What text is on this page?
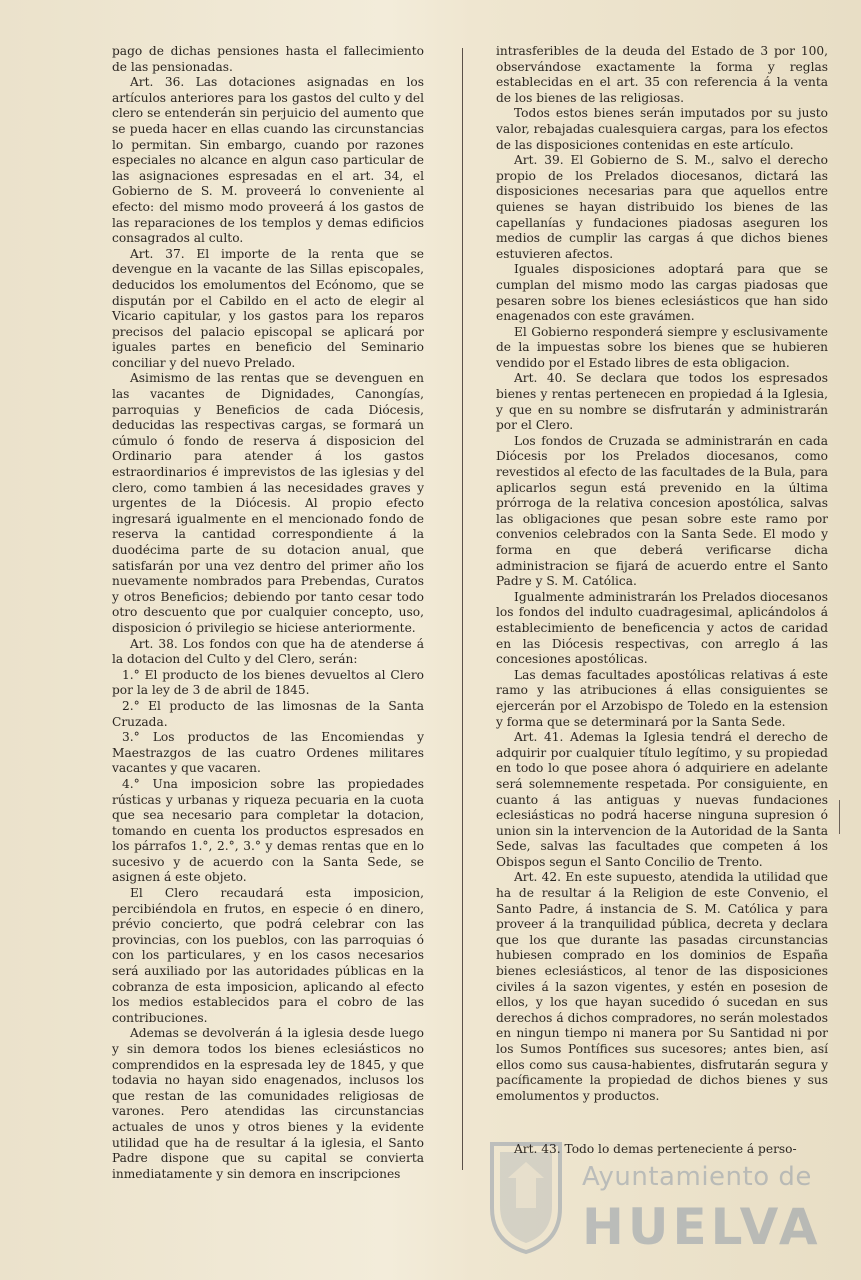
pago de dichas pensiones hasta el fallecimiento de las pensionadas.

Art. 36. Las dotaciones asignadas en los artículos anteriores para los gastos del culto y del clero se entenderán sin perjuicio del aumento que se pueda hacer en ellas cuando las circunstancias lo permitan. Sin embargo, cuando por razones especiales no alcance en algun caso particular de las asignaciones espresadas en el art. 34, el Gobierno de S. M. proveerá lo conveniente al efecto: del mismo modo proveerá á los gastos de las reparaciones de los templos y demas edificios consagrados al culto.

Art. 37. El importe de la renta que se devengue en la vacante de las Sillas episcopales, deducidos los emolumentos del Ecónomo, que se dispután por el Cabildo en el acto de elegir al Vicario capitular, y los gastos para los reparos precisos del palacio episcopal se aplicará por iguales partes en beneficio del Seminario conciliar y del nuevo Prelado.

Asimismo de las rentas que se devenguen en las vacantes de Dignidades, Canongías, parroquias y Beneficios de cada Diócesis, deducidas las respectivas cargas, se formará un cúmulo ó fondo de reserva á disposicion del Ordinario para atender á los gastos estraordinarios é imprevistos de las iglesias y del clero, como tambien á las necesidades graves y urgentes de la Diócesis. Al propio efecto ingresará igualmente en el mencionado fondo de reserva la cantidad correspondiente á la duodécima parte de su dotacion anual, que satisfarán por una vez dentro del primer año los nuevamente nombrados para Prebendas, Curatos y otros Beneficios; debiendo por tanto cesar todo otro descuento que por cualquier concepto, uso, disposicion ó privilegio se hiciese anteriormente.

Art. 38. Los fondos con que ha de atenderse á la dotacion del Culto y del Clero, serán:

1.° El producto de los bienes devueltos al Clero por la ley de 3 de abril de 1845.

2.° El producto de las limosnas de la Santa Cruzada.

3.° Los productos de las Encomiendas y Maestrazgos de las cuatro Ordenes militares vacantes y que vacaren.

4.° Una imposicion sobre las propiedades rústicas y urbanas y riqueza pecuaria en la cuota que sea necesario para completar la dotacion, tomando en cuenta los productos espresados en los párrafos 1.°, 2.°, 3.° y demas rentas que en lo sucesivo y de acuerdo con la Santa Sede, se asignen á este objeto.

El Clero recaudará esta imposicion, percibiéndola en frutos, en especie ó en dinero, prévio concierto, que podrá celebrar con las provincias, con los pueblos, con las parroquias ó con los particulares, y en los casos necesarios será auxiliado por las autoridades públicas en la cobranza de esta imposicion, aplicando al efecto los medios establecidos para el cobro de las contribuciones.

Ademas se devolverán á la iglesia desde luego y sin demora todos los bienes eclesiásticos no comprendidos en la espresada ley de 1845, y que todavia no hayan sido enagenados, inclusos los que restan de las comunidades religiosas de varones. Pero atendidas las circunstancias actuales de unos y otros bienes y la evidente utilidad que ha de resultar á la iglesia, el Santo Padre dispone que su capital se convierta inmediatamente y sin demora en inscripciones

intrasferibles de la deuda del Estado de 3 por 100, observándose exactamente la forma y reglas establecidas en el art. 35 con referencia á la venta de los bienes de las religiosas.

Todos estos bienes serán imputados por su justo valor, rebajadas cualesquiera cargas, para los efectos de las disposiciones contenidas en este artículo.

Art. 39. El Gobierno de S. M., salvo el derecho propio de los Prelados diocesanos, dictará las disposiciones necesarias para que aquellos entre quienes se hayan distribuido los bienes de las capellanías y fundaciones piadosas aseguren los medios de cumplir las cargas á que dichos bienes estuvieren afectos.

Iguales disposiciones adoptará para que se cumplan del mismo modo las cargas piadosas que pesaren sobre los bienes eclesiásticos que han sido enagenados con este gravámen.

El Gobierno responderá siempre y esclusivamente de la impuestas sobre los bienes que se hubieren vendido por el Estado libres de esta obligacion.

Art. 40. Se declara que todos los espresados bienes y rentas pertenecen en propiedad á la Iglesia, y que en su nombre se disfrutarán y administrarán por el Clero.

Los fondos de Cruzada se administrarán en cada Diócesis por los Prelados diocesanos, como revestidos al efecto de las facultades de la Bula, para aplicarlos segun está prevenido en la última prórroga de la relativa concesion apostólica, salvas las obligaciones que pesan sobre este ramo por convenios celebrados con la Santa Sede. El modo y forma en que deberá verificarse dicha administracion se fijará de acuerdo entre el Santo Padre y S. M. Católica.

Igualmente administrarán los Prelados diocesanos los fondos del indulto cuadragesimal, aplicándolos á establecimiento de beneficencia y actos de caridad en las Diócesis respectivas, con arreglo á las concesiones apostólicas.

Las demas facultades apostólicas relativas á este ramo y las atribuciones á ellas consiguientes se ejercerán por el Arzobispo de Toledo en la estension y forma que se determinará por la Santa Sede.

Art. 41. Ademas la Iglesia tendrá el derecho de adquirir por cualquier título legítimo, y su propiedad en todo lo que posee ahora ó adquiriere en adelante será solemnemente respetada. Por consiguiente, en cuanto á las antiguas y nuevas fundaciones eclesiásticas no podrá hacerse ninguna supresion ó union sin la intervencion de la Autoridad de la Santa Sede, salvas las facultades que competen á los Obispos segun el Santo Concilio de Trento.

Art. 42. En este supuesto, atendida la utilidad que ha de resultar á la Religion de este Convenio, el Santo Padre, á instancia de S. M. Católica y para proveer á la tranquilidad pública, decreta y declara que los que durante las pasadas circunstancias hubiesen comprado en los dominios de España bienes eclesiásticos, al tenor de las disposiciones civiles á la sazon vigentes, y estén en posesion de ellos, y los que hayan sucedido ó sucedan en sus derechos á dichos compradores, no serán molestados en ningun tiempo ni manera por Su Santidad ni por los Sumos Pontífices sus sucesores; antes bien, así ellos como sus causa-habientes, disfrutarán segura y pacíficamente la propiedad de dichos bienes y sus emolumentos y productos.

Ayuntamiento de
HUELVA
Art. 43. Todo lo demas perteneciente á perso-
